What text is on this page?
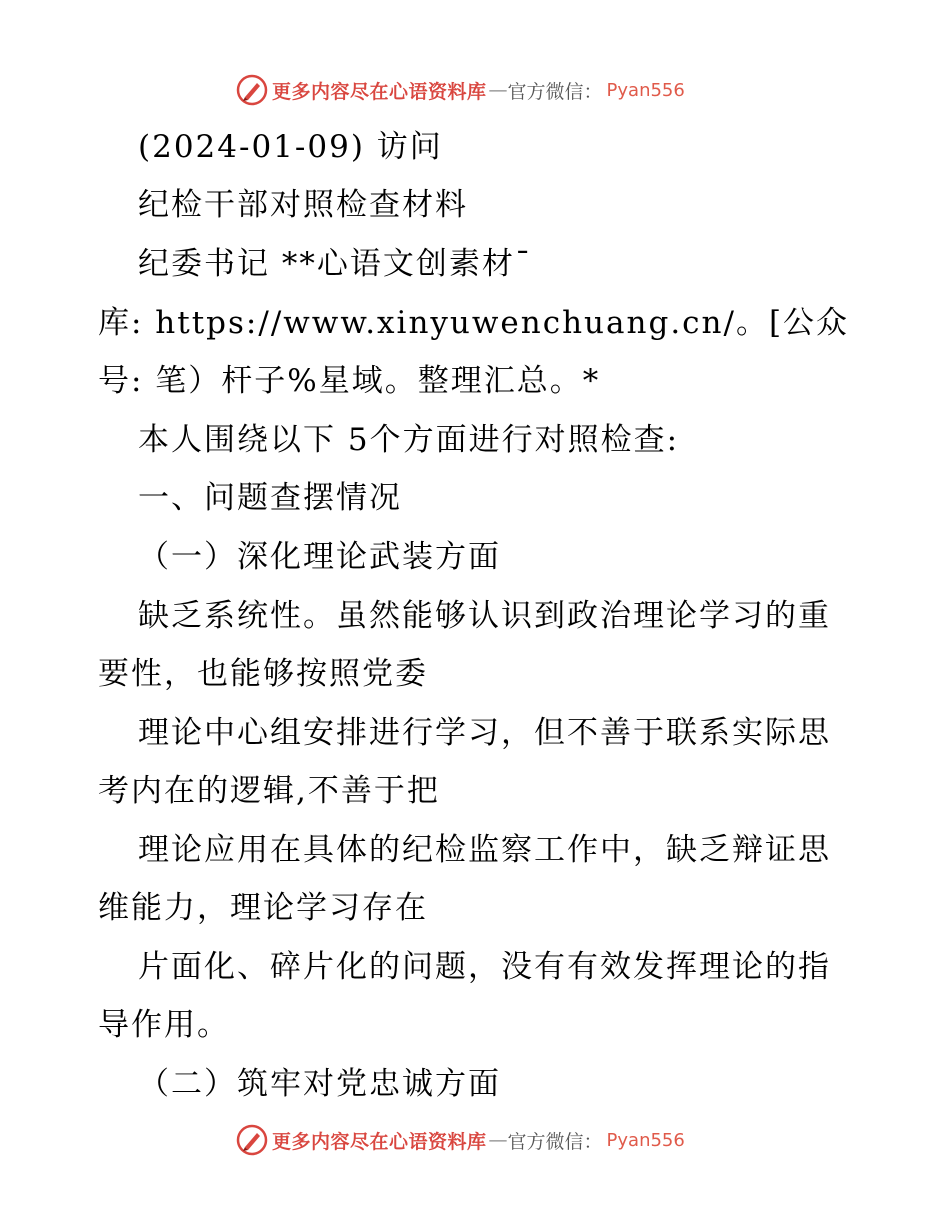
更多内容尽在心语资料库 — 官方微信： Pyan556
(2024-01-09) 访问
纪检干部对照检查材料
纪委书记 **心语文创素材¯
库: https://www.xinyuwenchuang.cn/。[公众
号: 笔）杆子%星域。整理汇总。*
本人围绕以下 5个方面进行对照检查:
一、问题查摆情况
（一）深化理论武装方面
缺乏系统性。虽然能够认识到政治理论学习的重
要性，也能够按照党委
理论中心组安排进行学习，但不善于联系实际思
考内在的逻辑,不善于把
理论应用在具体的纪检监察工作中，缺乏辩证思
维能力，理论学习存在
片面化、碎片化的问题，没有有效发挥理论的指
导作用。
（二）筑牢对党忠诚方面
更多内容尽在心语资料库 — 官方微信： Pyan556
